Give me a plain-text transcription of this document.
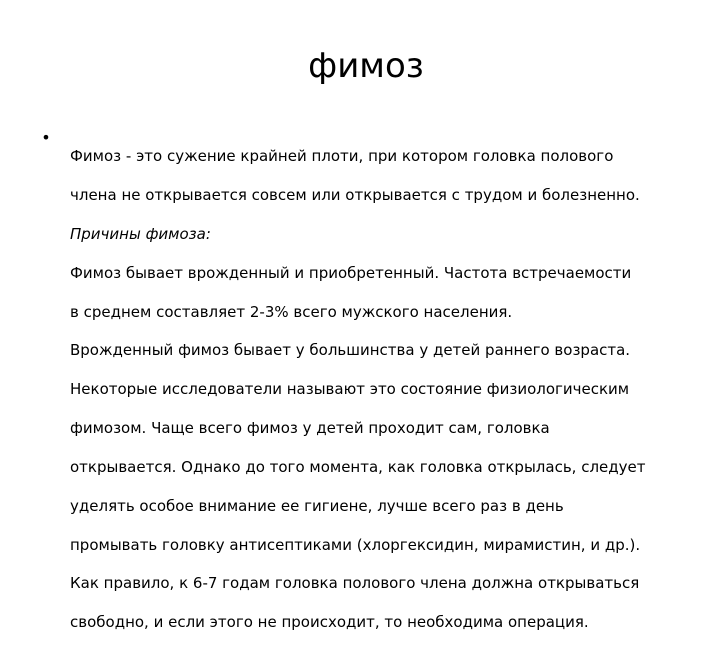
фимоз
•

Фимоз - это сужение крайней плоти, при котором головка полового

члена не открывается совсем или открывается с трудом и болезненно.

Причины фимоза:

Фимоз бывает врожденный и приобретенный. Частота встречаемости

в среднем составляет 2-3% всего мужского населения.

Врожденный фимоз бывает у большинства у детей раннего возраста.

Некоторые исследователи называют это состояние физиологическим

фимозом. Чаще всего фимоз у детей проходит сам, головка

открывается. Однако до того момента, как головка открылась, следует

уделять особое внимание ее гигиене, лучше всего раз в день

промывать головку антисептиками (хлоргексидин, мирамистин, и др.).

Как правило, к 6-7 годам головка полового члена должна открываться

свободно, и если этого не происходит, то необходима операция.
